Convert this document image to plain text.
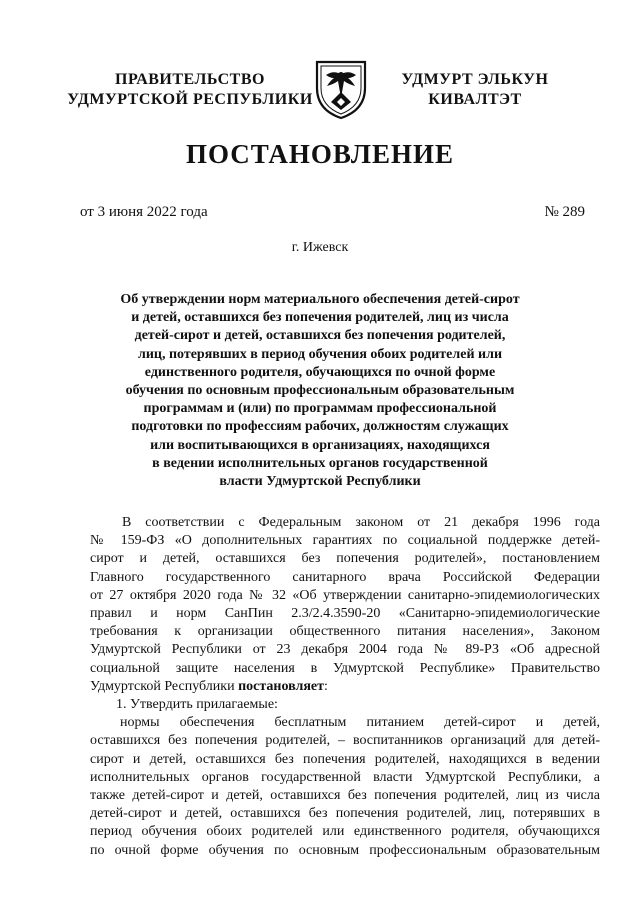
ПРАВИТЕЛЬСТВО
УДМУРТСКОЙ РЕСПУБЛИКИ
УДМУРТ ЭЛЬКУН
КИВАЛТЭТ
ПОСТАНОВЛЕНИЕ
от 3 июня 2022 года	№ 289
г. Ижевск
Об утверждении норм материального обеспечения детей-сирот
и детей, оставшихся без попечения родителей, лиц из числа
детей-сирот и детей, оставшихся без попечения родителей,
лиц, потерявших в период обучения обоих родителей или
единственного родителя, обучающихся по очной форме
обучения по основным профессиональным образовательным
программам и (или) по программам профессиональной
подготовки по профессиям рабочих, должностям служащих
или воспитывающихся в организациях, находящихся
в ведении исполнительных органов государственной
власти Удмуртской Республики
В соответствии с Федеральным законом от 21 декабря 1996 года
№ 159-ФЗ «О дополнительных гарантиях по социальной поддержке детей-
сирот и детей, оставшихся без попечения родителей», постановлением
Главного государственного санитарного врача Российской Федерации
от 27 октября 2020 года № 32 «Об утверждении санитарно-эпидемиологических
правил и норм СанПин 2.3/2.4.3590-20 «Санитарно-эпидемиологические
требования к организации общественного питания населения», Законом
Удмуртской Республики от 23 декабря 2004 года № 89-РЗ «Об адресной
социальной защите населения в Удмуртской Республике» Правительство
Удмуртской Республики постановляет:
1. Утвердить прилагаемые:
нормы обеспечения бесплатным питанием детей-сирот и детей,
оставшихся без попечения родителей, – воспитанников организаций для детей-
сирот и детей, оставшихся без попечения родителей, находящихся в ведении
исполнительных органов государственной власти Удмуртской Республики, а
также детей-сирот и детей, оставшихся без попечения родителей, лиц из числа
детей-сирот и детей, оставшихся без попечения родителей, лиц, потерявших в
период обучения обоих родителей или единственного родителя, обучающихся
по очной форме обучения по основным профессиональным образовательным
